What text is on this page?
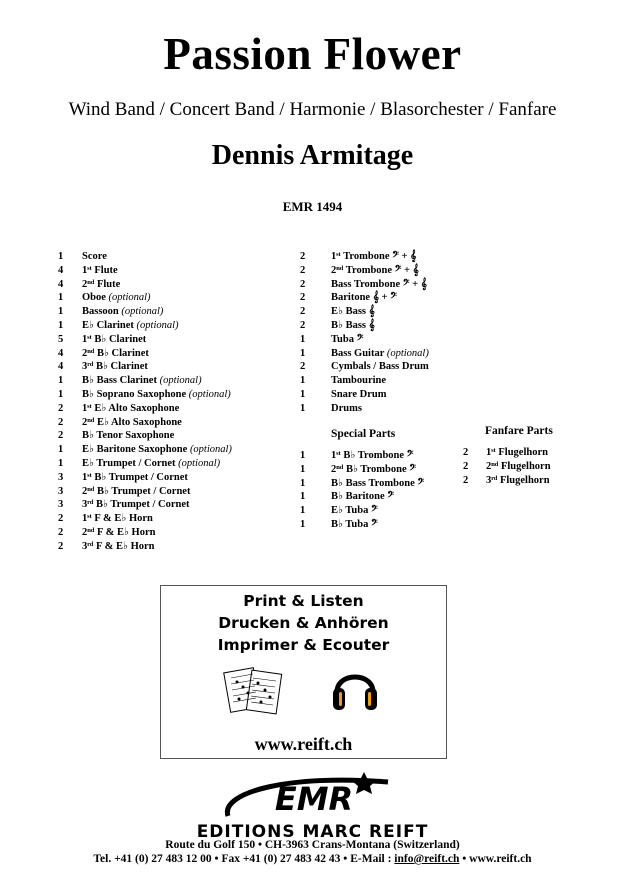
Passion Flower
Wind Band / Concert Band / Harmonie / Blasorchester / Fanfare
Dennis Armitage
EMR 1494
1 Score
4 1ˢᵗ Flute
4 2ⁿᵈ Flute
1 Oboe (optional)
1 Bassoon (optional)
1 E♭ Clarinet (optional)
5 1ˢᵗ B♭ Clarinet
4 2ⁿᵈ B♭ Clarinet
4 3ʳᵈ B♭ Clarinet
1 B♭ Bass Clarinet (optional)
1 B♭ Soprano Saxophone (optional)
2 1ˢᵗ E♭ Alto Saxophone
2 2ⁿᵈ E♭ Alto Saxophone
2 B♭ Tenor Saxophone
1 E♭ Baritone Saxophone (optional)
1 E♭ Trumpet / Cornet (optional)
3 1ˢᵗ B♭ Trumpet / Cornet
3 2ⁿᵈ B♭ Trumpet / Cornet
3 3ʳᵈ B♭ Trumpet / Cornet
2 1ˢᵗ F & E♭ Horn
2 2ⁿᵈ F & E♭ Horn
2 3ʳᵈ F & E♭ Horn
2 1ˢᵗ Trombone 𝄢 + 𝄞
2 2ⁿᵈ Trombone 𝄢 + 𝄞
2 Bass Trombone 𝄢 + 𝄞
2 Baritone 𝄞 + 𝄢
2 E♭ Bass 𝄞
2 B♭ Bass 𝄞
1 Tuba 𝄢
1 Bass Guitar (optional)
2 Cymbals / Bass Drum
1 Tambourine
1 Snare Drum
1 Drums
Special Parts
1 1ˢᵗ B♭ Trombone 𝄢
1 2ⁿᵈ B♭ Trombone 𝄢
1 B♭ Bass Trombone 𝄢
1 B♭ Baritone 𝄢
1 E♭ Tuba 𝄢
1 B♭ Tuba 𝄢
Fanfare Parts
2 1ˢᵗ Flugelhorn
2 2ⁿᵈ Flugelhorn
2 3ʳᵈ Flugelhorn
Print & Listen
Drucken & Anhören
Imprimer & Ecouter
www.reift.ch
EMR
EDITIONS MARC REIFT
Route du Golf 150 • CH-3963 Crans-Montana (Switzerland)
Tel. +41 (0) 27 483 12 00 • Fax +41 (0) 27 483 42 43 • E-Mail : info@reift.ch • www.reift.ch
